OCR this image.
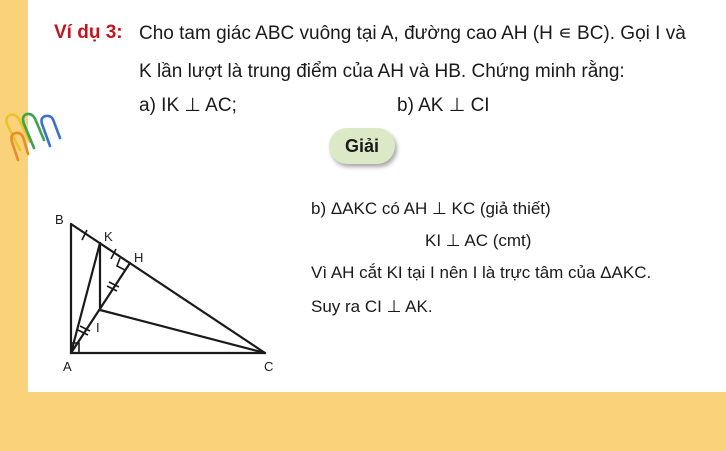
Ví dụ 3: Cho tam giác ABC vuông tại A, đường cao AH (H ∊ BC). Gọi I và
K lần lượt là trung điểm của AH và HB. Chứng minh rằng:
a) IK ⊥ AC;	b) AK ⊥ CI
Giải
b) ΔAKC có AH ⊥ KC (giả thiết)
KI ⊥ AC (cmt)
Vì AH cắt KI tại I nên I là trực tâm của ΔAKC.
Suy ra CI ⊥ AK.
B
A	C
K
H
I
